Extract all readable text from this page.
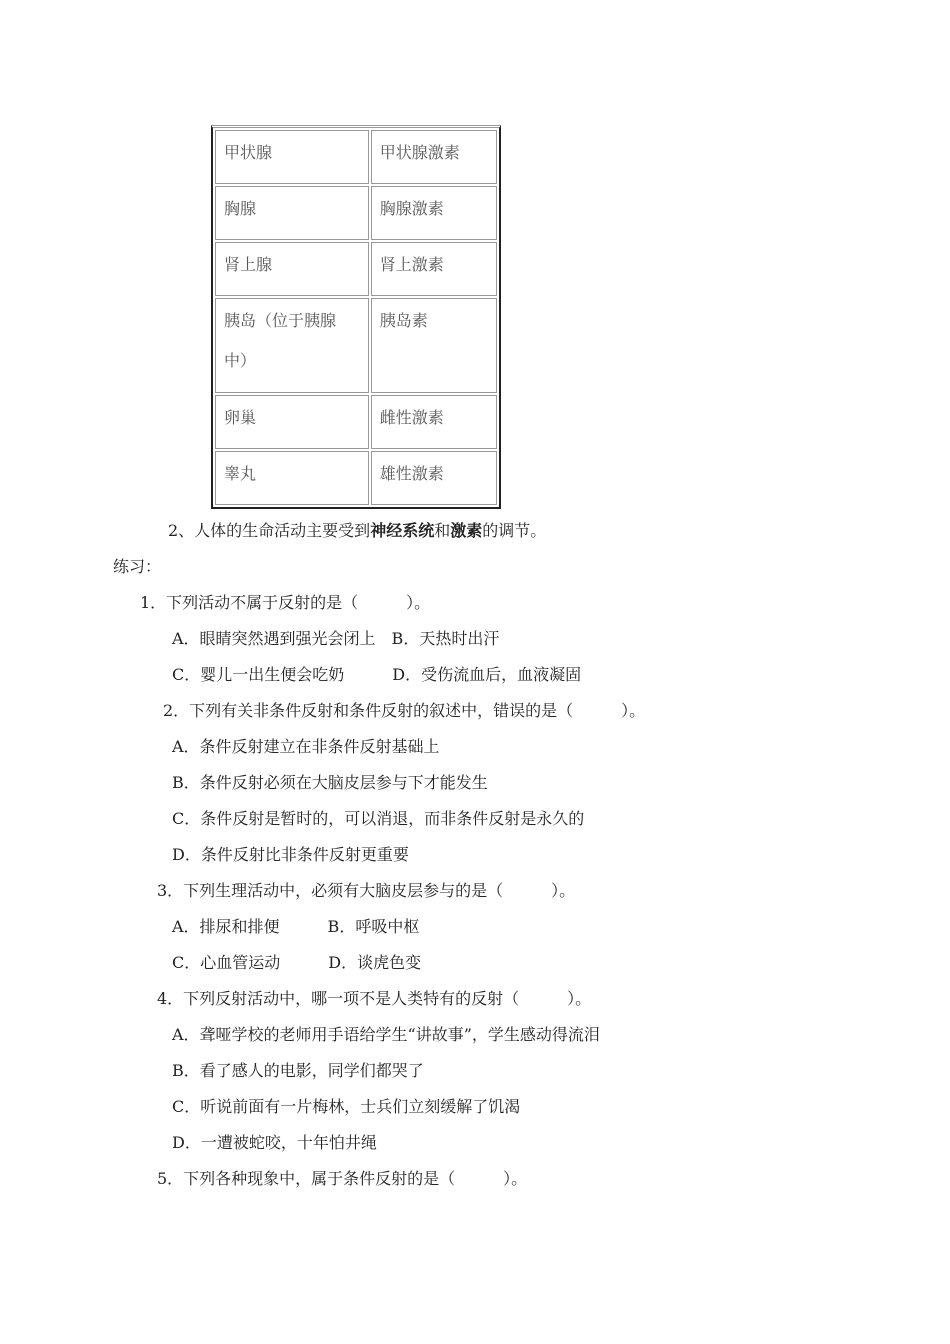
甲状腺	甲状腺激素

胸腺	胸腺激素

肾上腺	肾上激素

胰岛（位于胰腺中）	胰岛素

卵巢	雌性激素

睾丸	雄性激素
2、人体的生命活动主要受到神经系统和激素的调节。
练习：
1．下列活动不属于反射的是（　　　）。
A．眼睛突然遇到强光会闭上　B．天热时出汗
C．婴儿一出生便会吃奶　　　D．受伤流血后，血液凝固
2．下列有关非条件反射和条件反射的叙述中，错误的是（　　　）。
A．条件反射建立在非条件反射基础上
B．条件反射必须在大脑皮层参与下才能发生
C．条件反射是暂时的，可以消退，而非条件反射是永久的
D．条件反射比非条件反射更重要
3．下列生理活动中，必须有大脑皮层参与的是（　　　）。
A．排尿和排便　　　B．呼吸中枢
C．心血管运动　　　D．谈虎色变
4．下列反射活动中，哪一项不是人类特有的反射（　　　）。
A．聋哑学校的老师用手语给学生“讲故事”，学生感动得流泪
B．看了感人的电影，同学们都哭了
C．听说前面有一片梅林，士兵们立刻缓解了饥渴
D．一遭被蛇咬，十年怕井绳
5．下列各种现象中，属于条件反射的是（　　　）。
